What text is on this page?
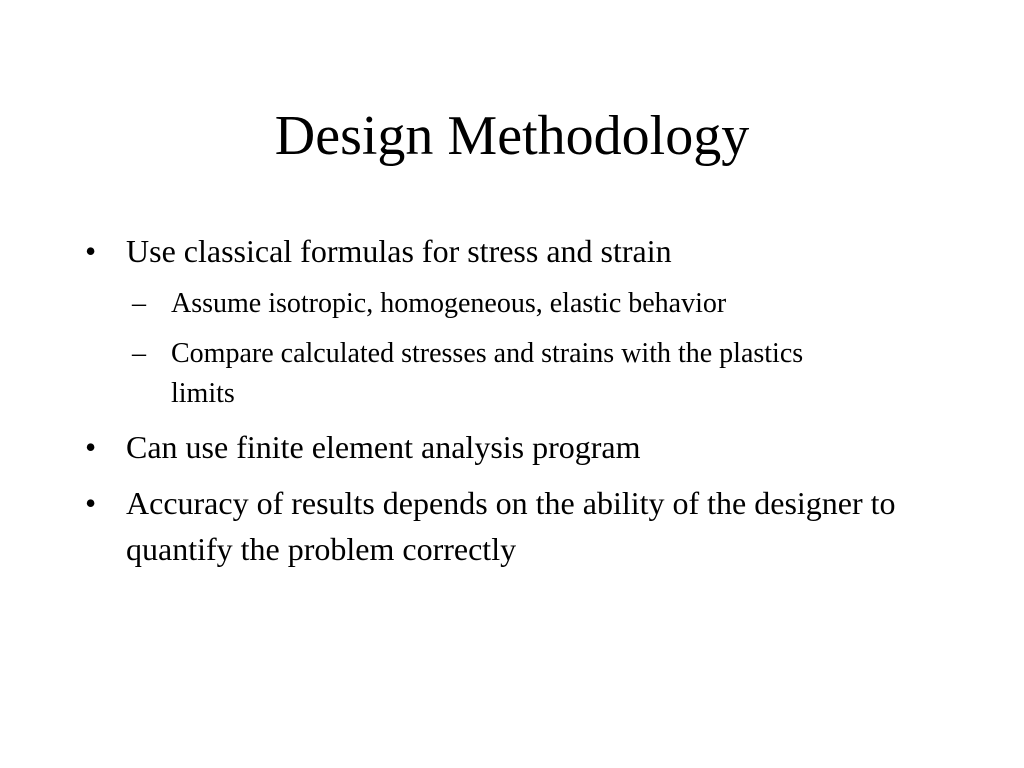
Design Methodology
• Use classical formulas for stress and strain
– Assume isotropic, homogeneous, elastic behavior
– Compare calculated stresses and strains with the plastics limits
• Can use finite element analysis program
• Accuracy of results depends on the ability of the designer to quantify the problem correctly
